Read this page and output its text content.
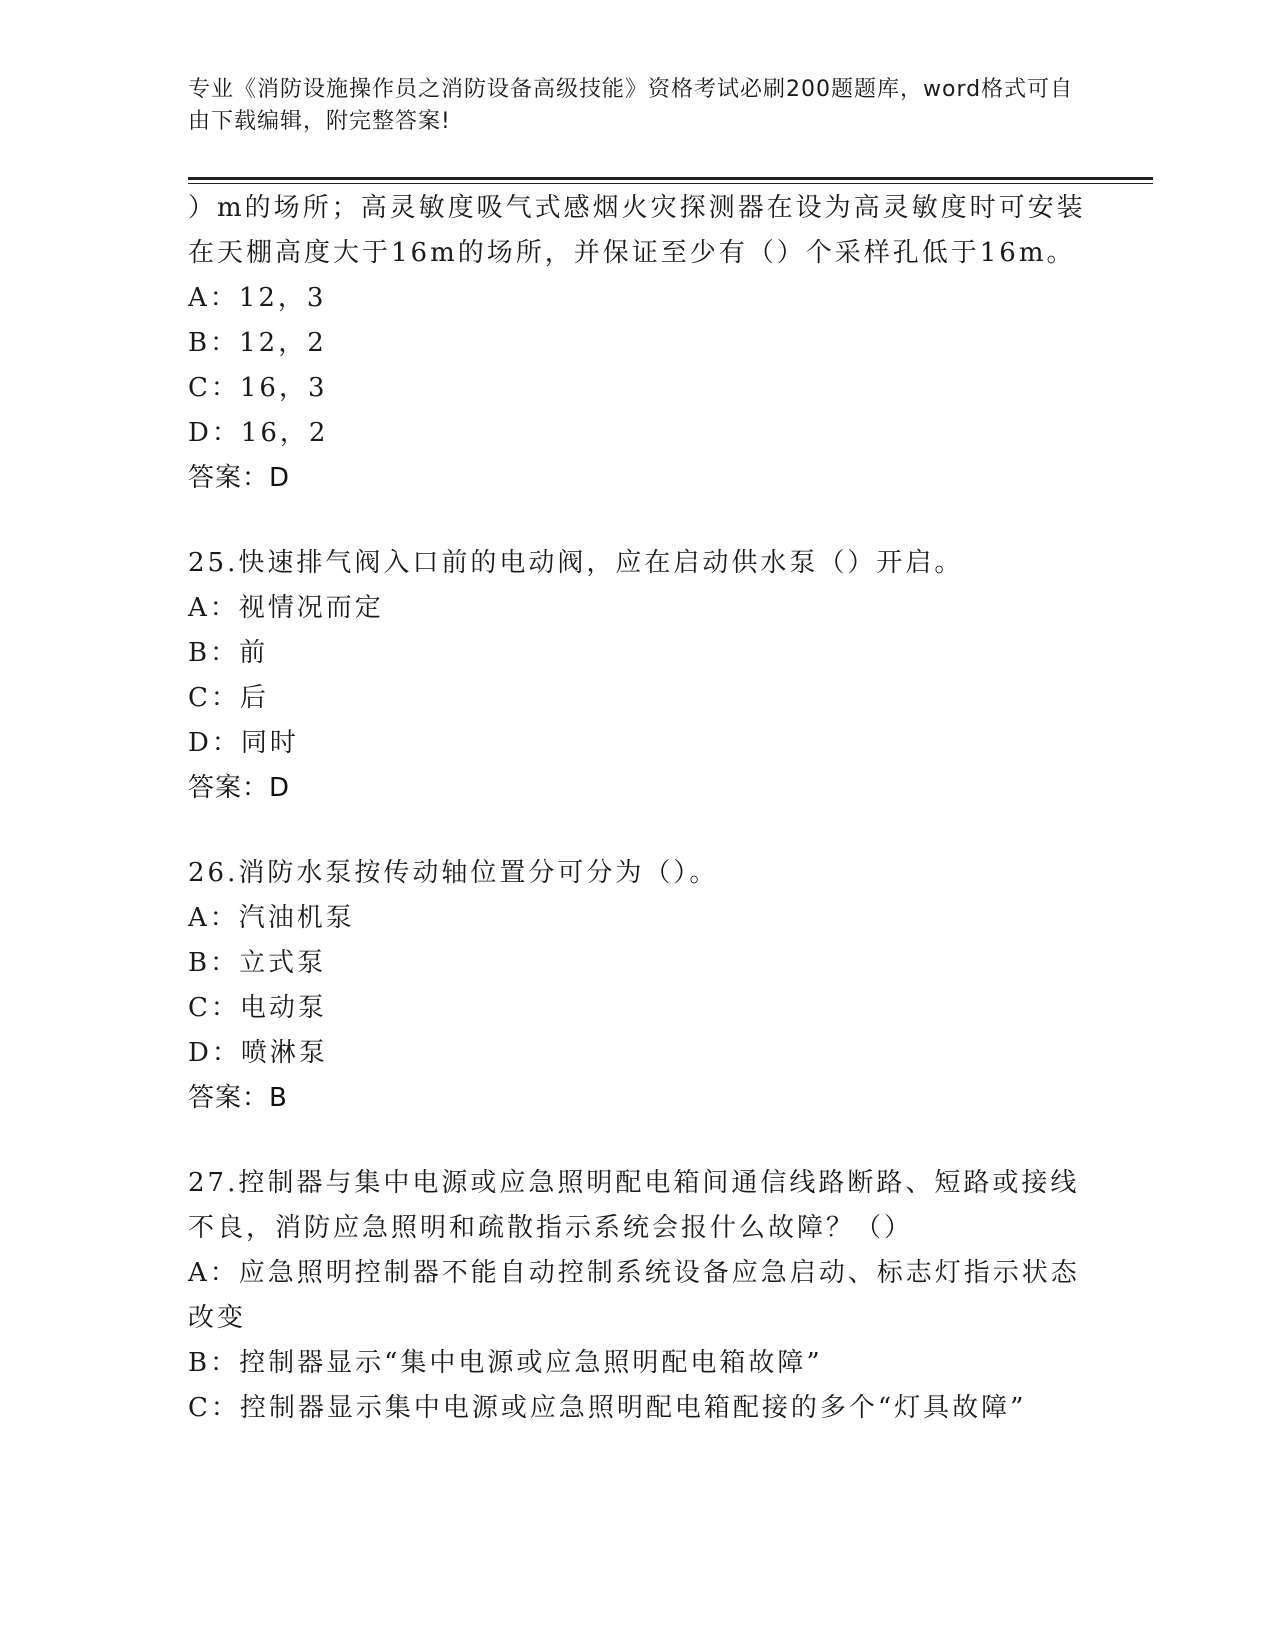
专业《消防设施操作员之消防设备高级技能》资格考试必刷200题题库，word格式可自由下载编辑，附完整答案!
）m的场所；高灵敏度吸气式感烟火灾探测器在设为高灵敏度时可安装
在天棚高度大于16m的场所，并保证至少有（）个采样孔低于16m。
A：12，3
B：12，2
C：16，3
D：16，2
答案：D
25.快速排气阀入口前的电动阀，应在启动供水泵（）开启。
A：视情况而定
B：前
C：后
D：同时
答案：D
26.消防水泵按传动轴位置分可分为（）。
A：汽油机泵
B：立式泵
C：电动泵
D：喷淋泵
答案：B
27.控制器与集中电源或应急照明配电箱间通信线路断路、短路或接线
不良，消防应急照明和疏散指示系统会报什么故障？（）
A：应急照明控制器不能自动控制系统设备应急启动、标志灯指示状态
改变
B：控制器显示“集中电源或应急照明配电箱故障”
C：控制器显示集中电源或应急照明配电箱配接的多个“灯具故障”
